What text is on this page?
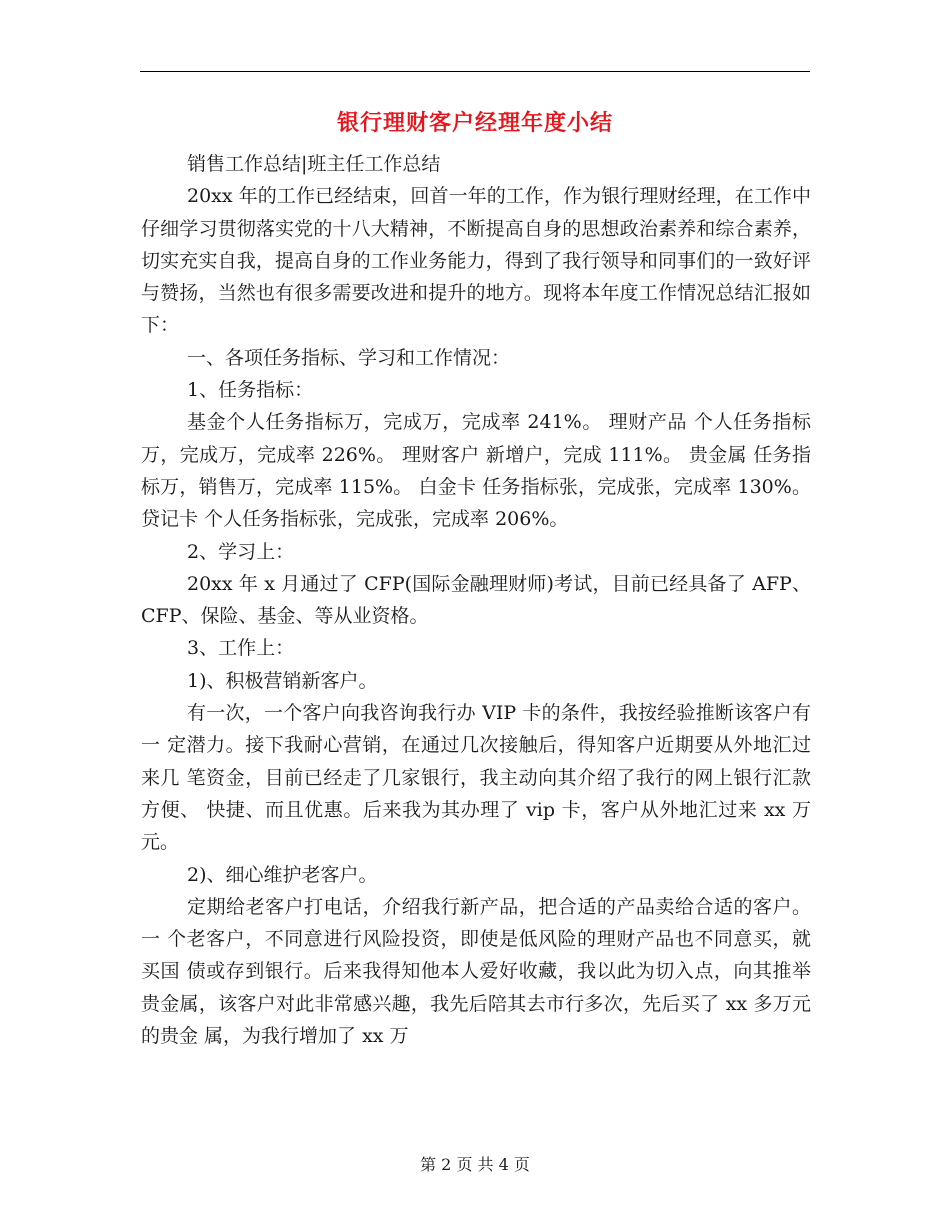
银行理财客户经理年度小结

销售工作总结|班主任工作总结

20xx 年的工作已经结束，回首一年的工作，作为银行理财经理，在工作中仔细学习贯彻落实党的十八大精神，不断提高自身的思想政治素养和综合素养，切实充实自我，提高自身的工作业务能力，得到了我行领导和同事们的一致好评与赞扬，当然也有很多需要改进和提升的地方。现将本年度工作情况总结汇报如下：

一、各项任务指标、学习和工作情况：

1、任务指标：

基金个人任务指标万，完成万，完成率 241%。 理财产品 个人任务指标万，完成万，完成率 226%。 理财客户 新增户，完成 111%。 贵金属 任务指标万，销售万，完成率 115%。 白金卡 任务指标张，完成张，完成率 130%。贷记卡 个人任务指标张，完成张，完成率 206%。

2、学习上：

20xx 年 x 月通过了 CFP(国际金融理财师)考试，目前已经具备了 AFP、 CFP、保险、基金、等从业资格。

3、工作上：

1)、积极营销新客户。

有一次，一个客户向我咨询我行办 VIP 卡的条件，我按经验推断该客户有一 定潜力。接下我耐心营销，在通过几次接触后，得知客户近期要从外地汇过来几 笔资金，目前已经走了几家银行，我主动向其介绍了我行的网上银行汇款方便、 快捷、而且优惠。后来我为其办理了 vip 卡，客户从外地汇过来 xx 万元。

2)、细心维护老客户。

定期给老客户打电话，介绍我行新产品，把合适的产品卖给合适的客户。一 个老客户，不同意进行风险投资，即使是低风险的理财产品也不同意买，就买国 债或存到银行。后来我得知他本人爱好收藏，我以此为切入点，向其推举贵金属，该客户对此非常感兴趣，我先后陪其去市行多次，先后买了 xx 多万元的贵金 属，为我行增加了 xx 万

第 2 页 共 4 页
